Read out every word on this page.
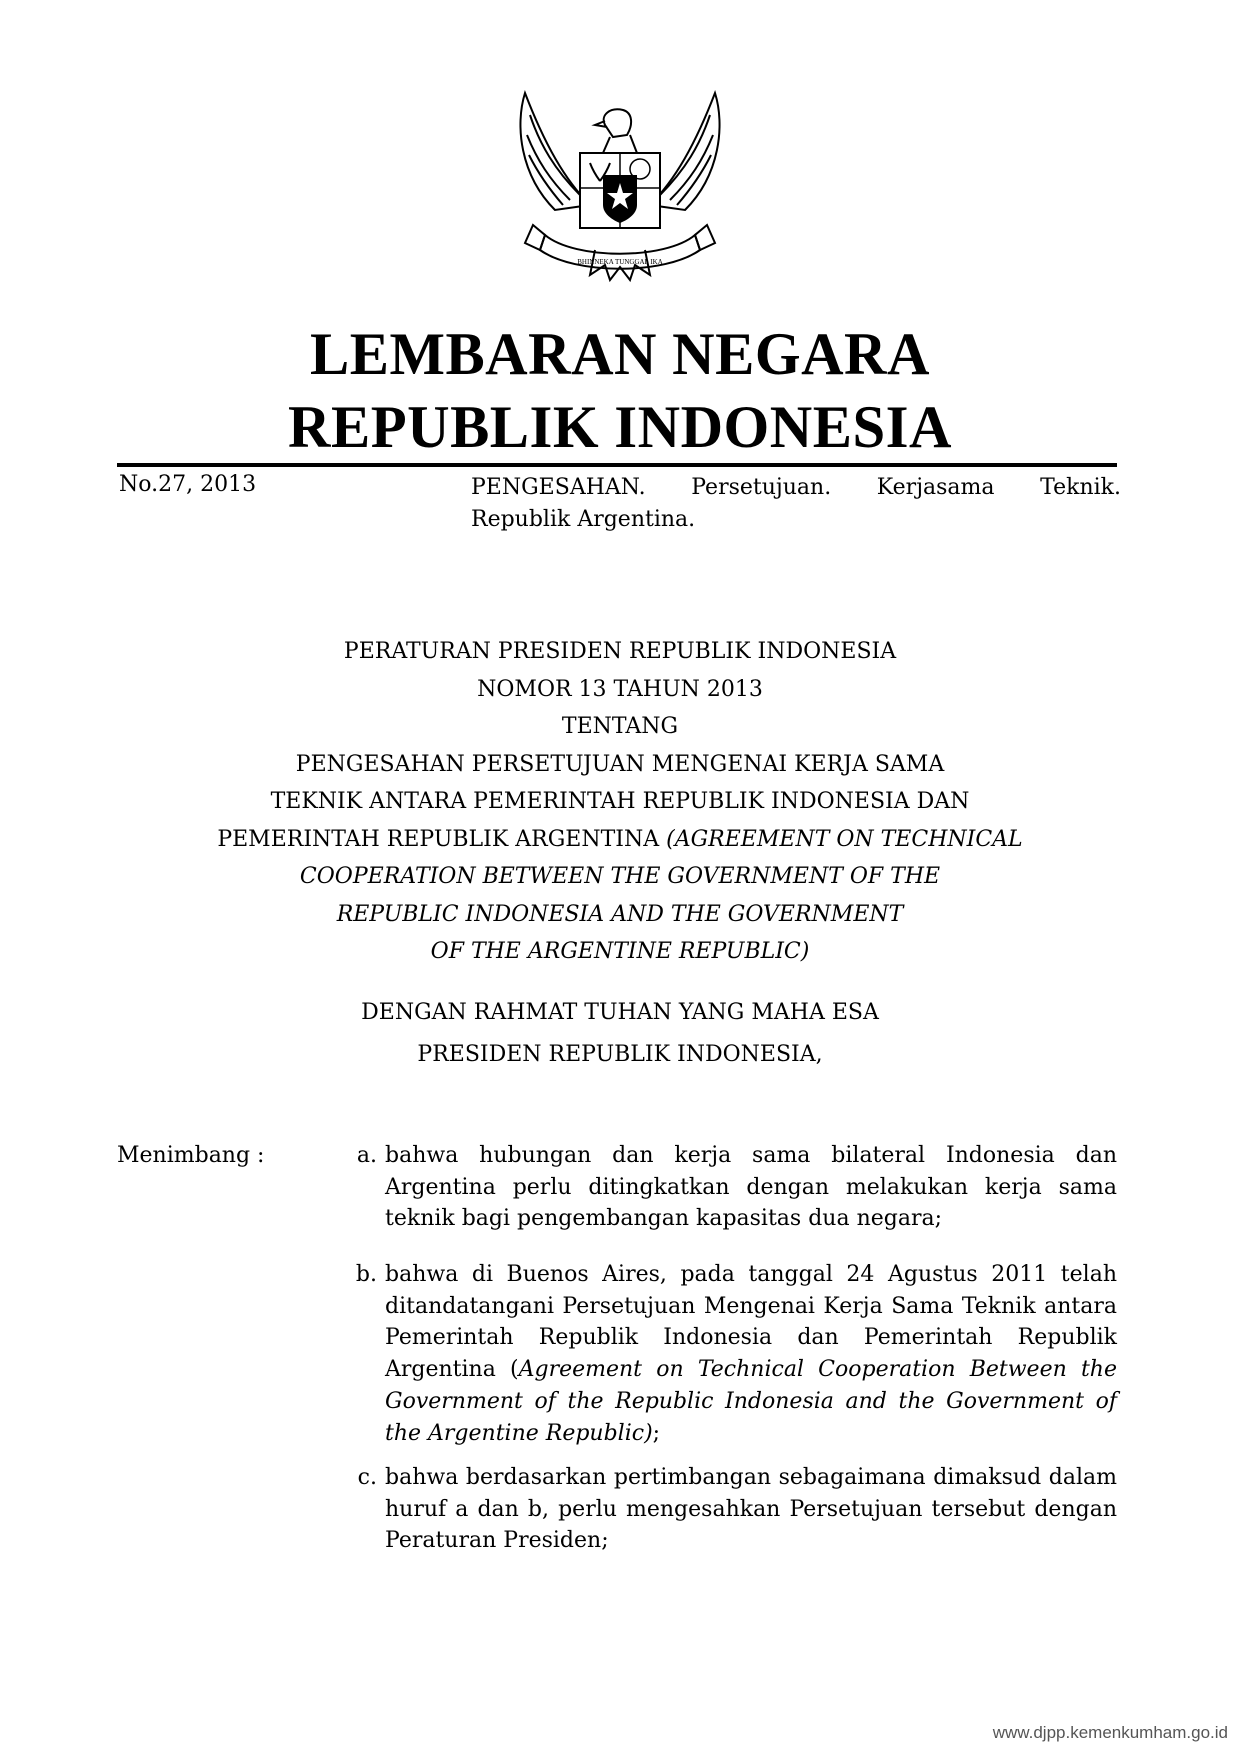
BHINNEKA TUNGGAL IKA
LEMBARAN NEGARA
REPUBLIK INDONESIA
No.27, 2013	PENGESAHAN. Persetujuan. Kerjasama Teknik.
Republik Argentina.
PERATURAN PRESIDEN REPUBLIK INDONESIA
NOMOR 13 TAHUN 2013
TENTANG
PENGESAHAN PERSETUJUAN MENGENAI KERJA SAMA
TEKNIK ANTARA PEMERINTAH REPUBLIK INDONESIA DAN
PEMERINTAH REPUBLIK ARGENTINA (AGREEMENT ON TECHNICAL
COOPERATION BETWEEN THE GOVERNMENT OF THE
REPUBLIC INDONESIA AND THE GOVERNMENT
OF THE ARGENTINE REPUBLIC)
DENGAN RAHMAT TUHAN YANG MAHA ESA
PRESIDEN REPUBLIK INDONESIA,
Menimbang :	a. bahwa hubungan dan kerja sama bilateral Indonesia dan Argentina perlu ditingkatkan dengan melakukan kerja sama teknik bagi pengembangan kapasitas dua negara;
b. bahwa di Buenos Aires, pada tanggal 24 Agustus 2011 telah ditandatangani Persetujuan Mengenai Kerja Sama Teknik antara Pemerintah Republik Indonesia dan Pemerintah Republik Argentina (Agreement on Technical Cooperation Between the Government of the Republic Indonesia and the Government of the Argentine Republic);
c. bahwa berdasarkan pertimbangan sebagaimana dimaksud dalam huruf a dan b, perlu mengesahkan Persetujuan tersebut dengan Peraturan Presiden;
www.djpp.kemenkumham.go.id
